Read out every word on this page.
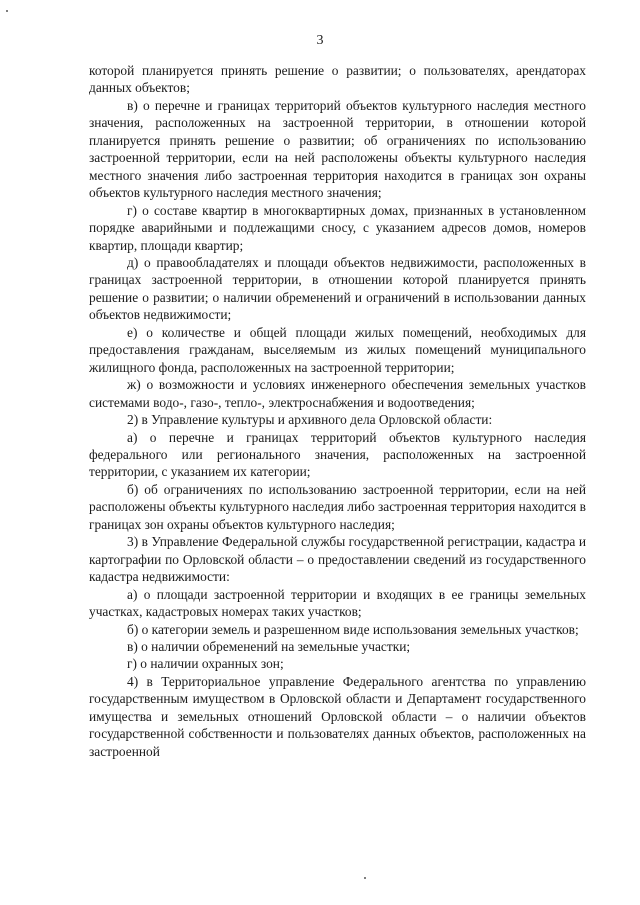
3

которой планируется принять решение о развитии; о пользователях, арендаторах данных объектов;

в) о перечне и границах территорий объектов культурного наследия местного значения, расположенных на застроенной территории, в отношении которой планируется принять решение о развитии; об ограничениях по использованию застроенной территории, если на ней расположены объекты культурного наследия местного значения либо застроенная территория находится в границах зон охраны объектов культурного наследия местного значения;

г) о составе квартир в многоквартирных домах, признанных в установленном порядке аварийными и подлежащими сносу, с указанием адресов домов, номеров квартир, площади квартир;

д) о правообладателях и площади объектов недвижимости, расположенных в границах застроенной территории, в отношении которой планируется принять решение о развитии; о наличии обременений и ограничений в использовании данных объектов недвижимости;

е) о количестве и общей площади жилых помещений, необходимых для предоставления гражданам, выселяемым из жилых помещений муниципального жилищного фонда, расположенных на застроенной территории;

ж) о возможности и условиях инженерного обеспечения земельных участков системами водо-, газо-, тепло-, электроснабжения и водоотведения;

2) в Управление культуры и архивного дела Орловской области:

а) о перечне и границах территорий объектов культурного наследия федерального или регионального значения, расположенных на застроенной территории, с указанием их категории;

б) об ограничениях по использованию застроенной территории, если на ней расположены объекты культурного наследия либо застроенная территория находится в границах зон охраны объектов культурного наследия;

3) в Управление Федеральной службы государственной регистрации, кадастра и картографии по Орловской области – о предоставлении сведений из государственного кадастра недвижимости:

а) о площади застроенной территории и входящих в ее границы земельных участках, кадастровых номерах таких участков;

б) о категории земель и разрешенном виде использования земельных участков;

в) о наличии обременений на земельные участки;

г) о наличии охранных зон;

4) в Территориальное управление Федерального агентства по управлению государственным имуществом в Орловской области и Департамент государственного имущества и земельных отношений Орловской области – о наличии объектов государственной собственности и пользователях данных объектов, расположенных на застроенной
